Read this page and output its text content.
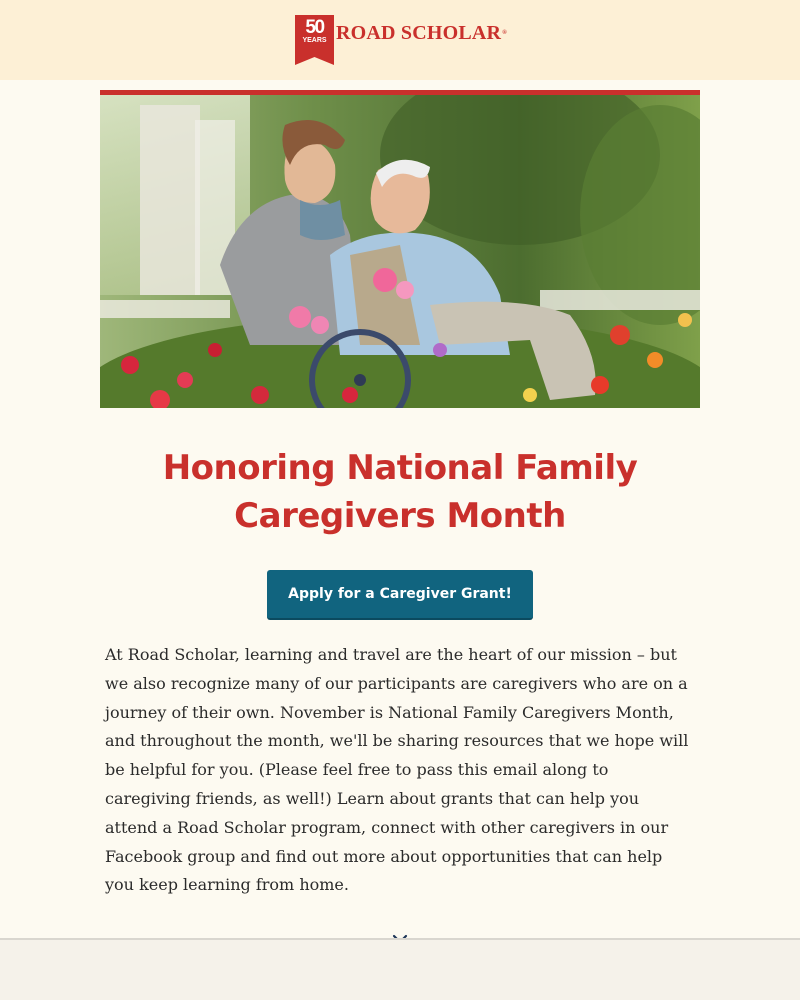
50
YEARS ROAD SCHOLAR®
Honoring National Family Caregivers Month
Apply for a Caregiver Grant!

At Road Scholar, learning and travel are the heart of our mission – but we also recognize many of our participants are caregivers who are on a journey of their own. November is National Family Caregivers Month, and throughout the month, we'll be sharing resources that we hope will be helpful for you. (Please feel free to pass this email along to caregiving friends, as well!) Learn about grants that can help you attend a Road Scholar program, connect with other caregivers in our Facebook group and find out more about opportunities that can help you keep learning from home.
